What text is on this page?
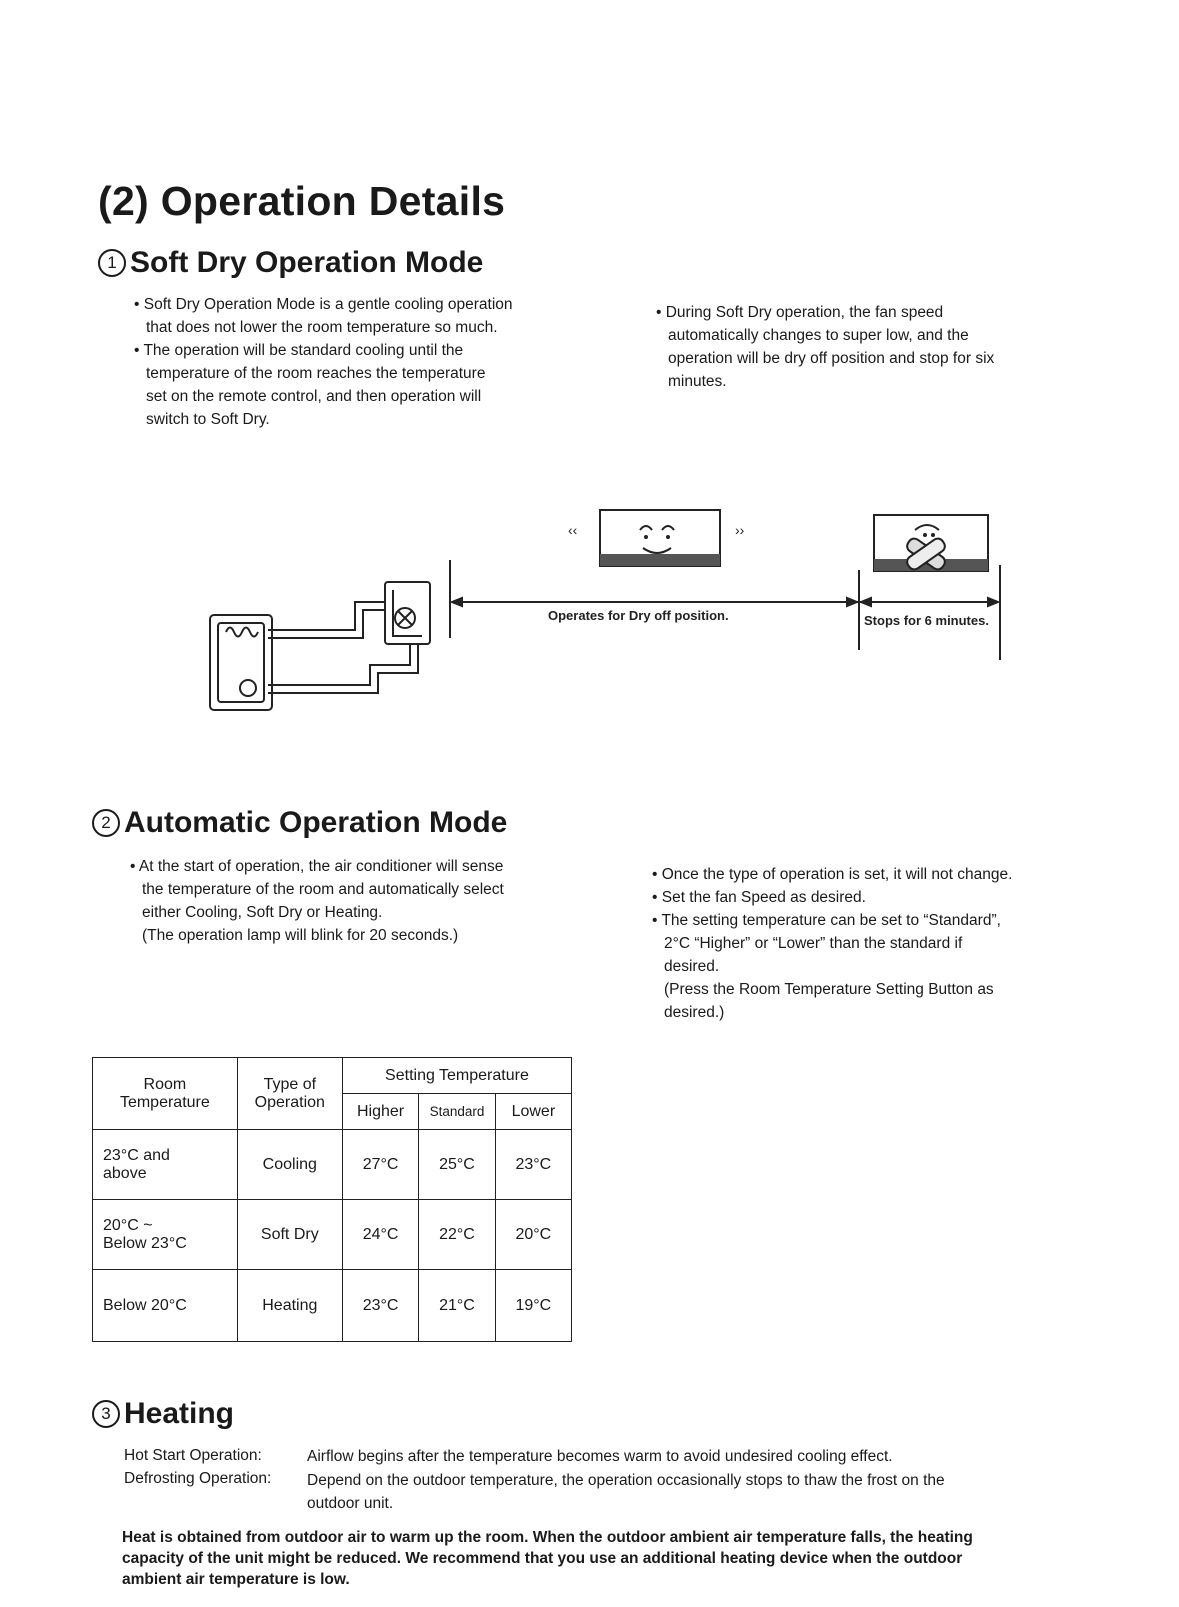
(2) Operation Details
1 Soft Dry Operation Mode

• Soft Dry Operation Mode is a gentle cooling operation

that does not lower the room temperature so much.

• The operation will be standard cooling until the

temperature of the room reaches the temperature

set on the remote control, and then operation will

switch to Soft Dry.

• During Soft Dry operation, the fan speed

automatically changes to super low, and the

operation will be dry off position and stop for six

minutes.

‹‹	››
Operates for Dry off position.	Stops for 6 minutes.
2 Automatic Operation Mode

• At the start of operation, the air conditioner will sense

the temperature of the room and automatically select

either Cooling, Soft Dry or Heating.

(The operation lamp will blink for 20 seconds.)

• Once the type of operation is set, it will not change.

• Set the fan Speed as desired.

• The setting temperature can be set to “Standard”,

2°C “Higher” or “Lower” than the standard if

desired.

(Press the Room Temperature Setting Button as

desired.)

Room
Temperature	Type of
Operation	Setting Temperature		
		Higher	Standard	Lower
23°C and
above	Cooling	27°C	25°C	23°C
20°C ~
Below 23°C	Soft Dry	24°C	22°C	20°C
Below 20°C	Heating	23°C	21°C	19°C
3 Heating
Hot Start Operation:	Airflow begins after the temperature becomes warm to avoid undesired cooling effect.
Defrosting Operation: Depend on the outdoor temperature, the operation occasionally stops to thaw the frost on the
outdoor unit.
Heat is obtained from outdoor air to warm up the room. When the outdoor ambient air temperature falls, the heating
capacity of the unit might be reduced. We recommend that you use an additional heating device when the outdoor
ambient air temperature is low.
